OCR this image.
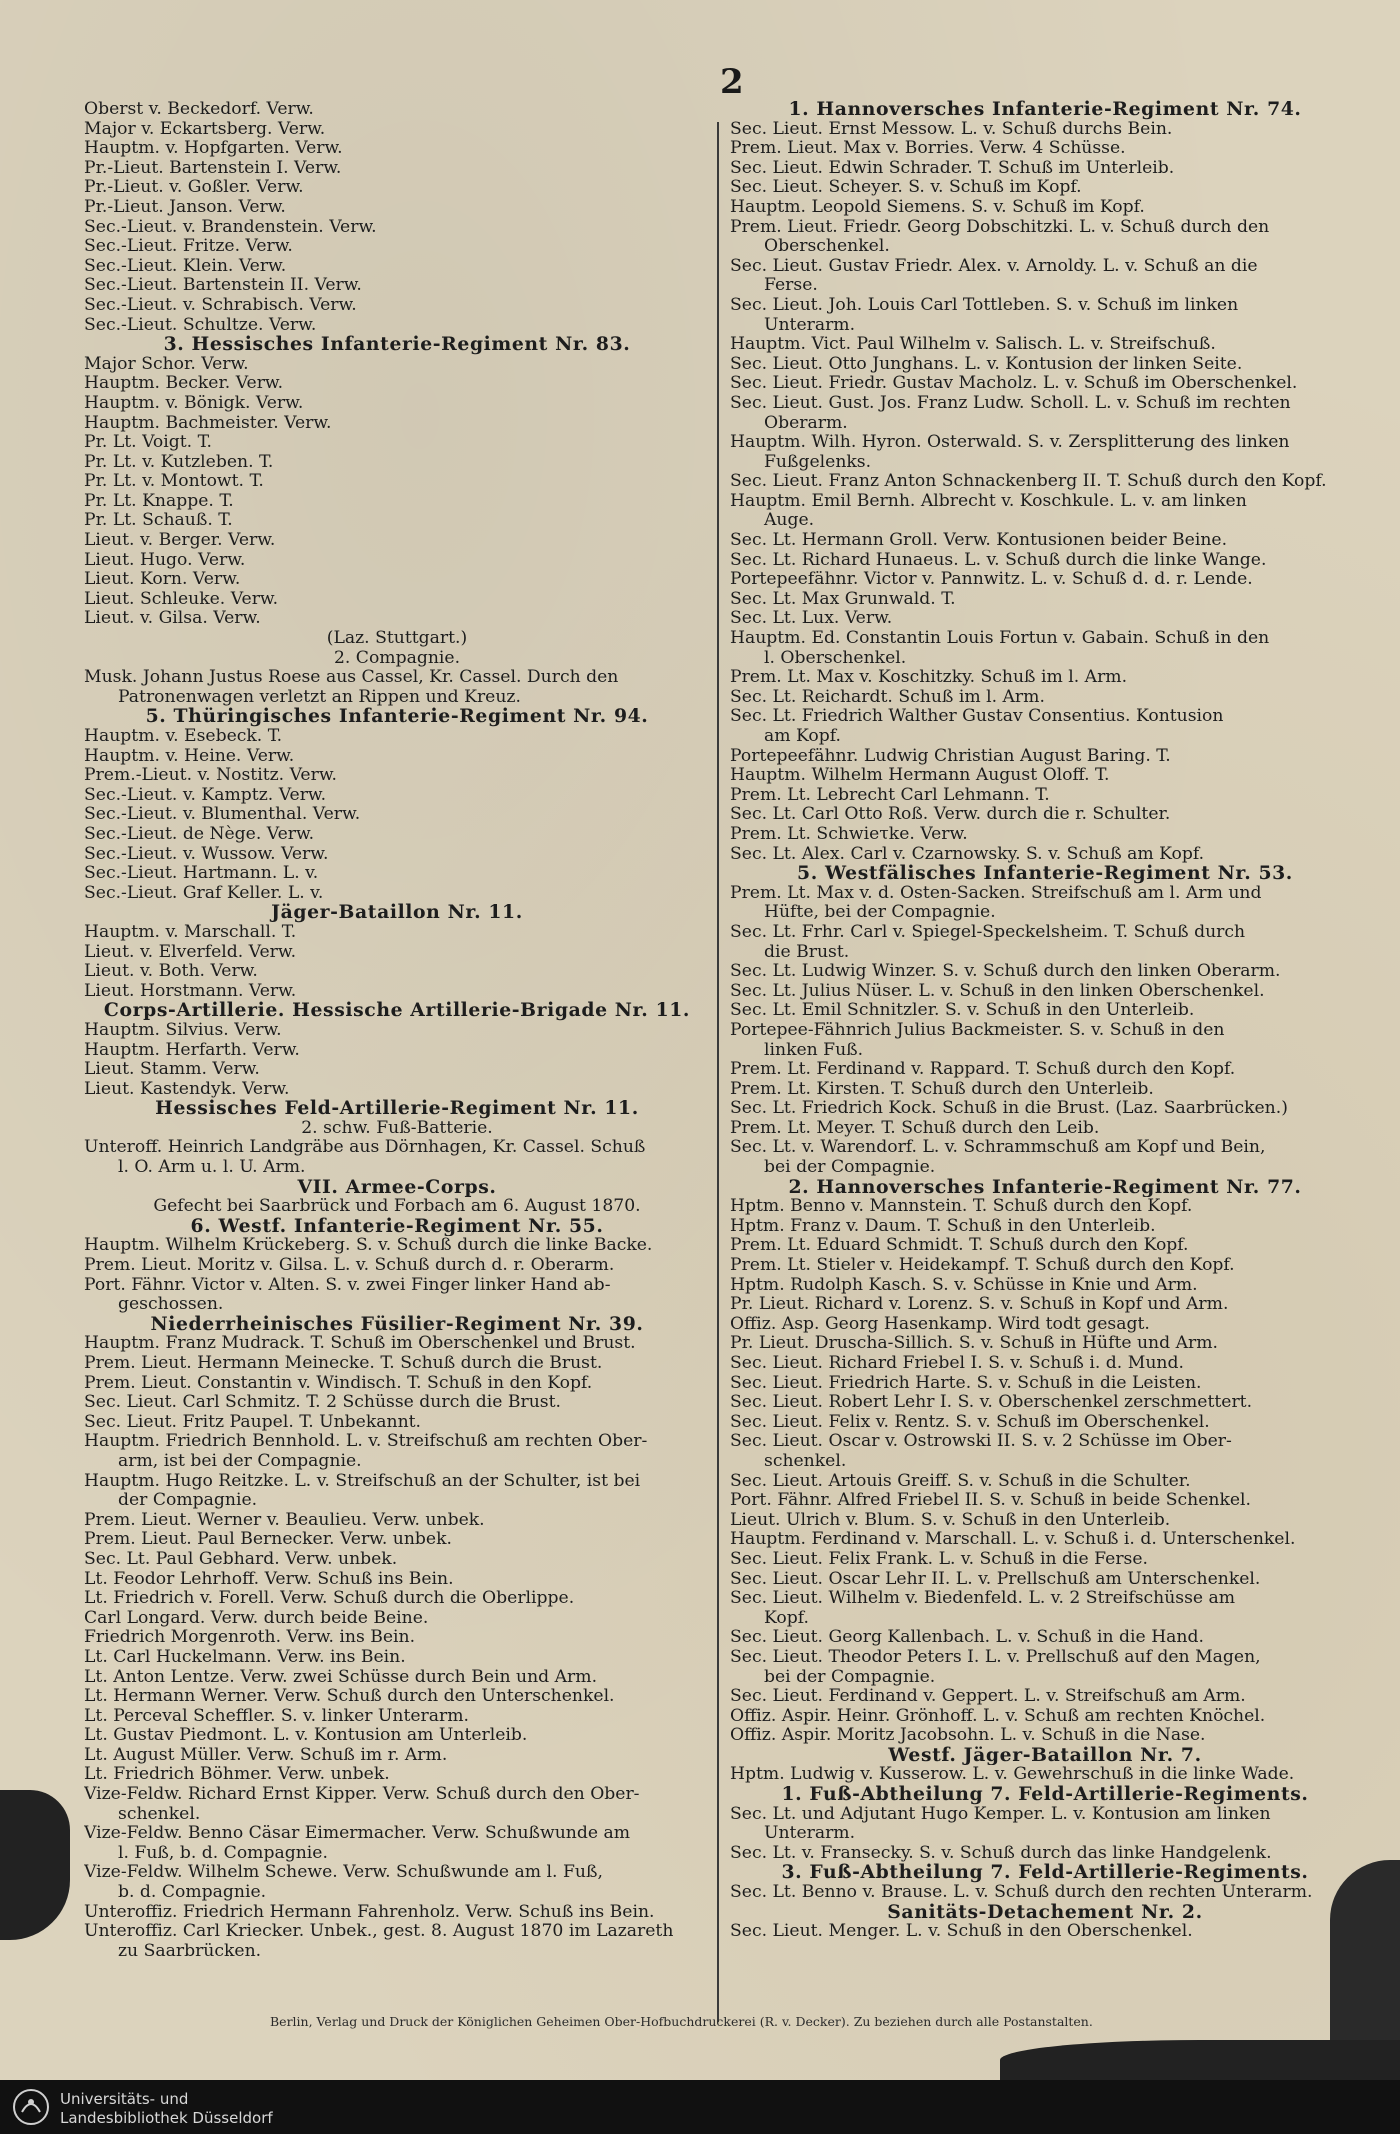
2
Oberst v. Beckedorf. Verw.
Major v. Eckartsberg. Verw.
Hauptm. v. Hopfgarten. Verw.
Pr.-Lieut. Bartenstein I. Verw.
Pr.-Lieut. v. Goßler. Verw.
Pr.-Lieut. Janson. Verw.
Sec.-Lieut. v. Brandenstein. Verw.
Sec.-Lieut. Fritze. Verw.
Sec.-Lieut. Klein. Verw.
Sec.-Lieut. Bartenstein II. Verw.
Sec.-Lieut. v. Schrabisch. Verw.
Sec.-Lieut. Schultze. Verw.
3. Hessisches Infanterie-Regiment Nr. 83.
Major Schor. Verw.
Hauptm. Becker. Verw.
Hauptm. v. Bönigk. Verw.
Hauptm. Bachmeister. Verw.
Pr. Lt. Voigt. T.
Pr. Lt. v. Kutzleben. T.
Pr. Lt. v. Montowt. T.
Pr. Lt. Knappe. T.
Pr. Lt. Schauß. T.
Lieut. v. Berger. Verw.
Lieut. Hugo. Verw.
Lieut. Korn. Verw.
Lieut. Schleuke. Verw.
Lieut. v. Gilsa. Verw.
(Laz. Stuttgart.)
2. Compagnie.
Musk. Johann Justus Roese aus Cassel, Kr. Cassel. Durch den
Patronenwagen verletzt an Rippen und Kreuz.
5. Thüringisches Infanterie-Regiment Nr. 94.
Hauptm. v. Esebeck. T.
Hauptm. v. Heine. Verw.
Prem.-Lieut. v. Nostitz. Verw.
Sec.-Lieut. v. Kamptz. Verw.
Sec.-Lieut. v. Blumenthal. Verw.
Sec.-Lieut. de Nège. Verw.
Sec.-Lieut. v. Wussow. Verw.
Sec.-Lieut. Hartmann. L. v.
Sec.-Lieut. Graf Keller. L. v.
Jäger-Bataillon Nr. 11.
Hauptm. v. Marschall. T.
Lieut. v. Elverfeld. Verw.
Lieut. v. Both. Verw.
Lieut. Horstmann. Verw.
Corps-Artillerie. Hessische Artillerie-Brigade Nr. 11.
Hauptm. Silvius. Verw.
Hauptm. Herfarth. Verw.
Lieut. Stamm. Verw.
Lieut. Kastendyk. Verw.
Hessisches Feld-Artillerie-Regiment Nr. 11.
2. schw. Fuß-Batterie.
Unteroff. Heinrich Landgräbe aus Dörnhagen, Kr. Cassel. Schuß
l. O. Arm u. l. U. Arm.
VII. Armee-Corps.
Gefecht bei Saarbrück und Forbach am 6. August 1870.
6. Westf. Infanterie-Regiment Nr. 55.
Hauptm. Wilhelm Krückeberg. S. v. Schuß durch die linke Backe.
Prem. Lieut. Moritz v. Gilsa. L. v. Schuß durch d. r. Oberarm.
Port. Fähnr. Victor v. Alten. S. v. zwei Finger linker Hand ab-
geschossen.
Niederrheinisches Füsilier-Regiment Nr. 39.
Hauptm. Franz Mudrack. T. Schuß im Oberschenkel und Brust.
Prem. Lieut. Hermann Meinecke. T. Schuß durch die Brust.
Prem. Lieut. Constantin v. Windisch. T. Schuß in den Kopf.
Sec. Lieut. Carl Schmitz. T. 2 Schüsse durch die Brust.
Sec. Lieut. Fritz Paupel. T. Unbekannt.
Hauptm. Friedrich Bennhold. L. v. Streifschuß am rechten Ober-
arm, ist bei der Compagnie.
Hauptm. Hugo Reitzke. L. v. Streifschuß an der Schulter, ist bei
der Compagnie.
Prem. Lieut. Werner v. Beaulieu. Verw. unbek.
Prem. Lieut. Paul Bernecker. Verw. unbek.
Sec. Lt. Paul Gebhard. Verw. unbek.
Lt. Feodor Lehrhoff. Verw. Schuß ins Bein.
Lt. Friedrich v. Forell. Verw. Schuß durch die Oberlippe.
Carl Longard. Verw. durch beide Beine.
Friedrich Morgenroth. Verw. ins Bein.
Lt. Carl Huckelmann. Verw. ins Bein.
Lt. Anton Lentze. Verw. zwei Schüsse durch Bein und Arm.
Lt. Hermann Werner. Verw. Schuß durch den Unterschenkel.
Lt. Perceval Scheffler. S. v. linker Unterarm.
Lt. Gustav Piedmont. L. v. Kontusion am Unterleib.
Lt. August Müller. Verw. Schuß im r. Arm.
Lt. Friedrich Böhmer. Verw. unbek.
Vize-Feldw. Richard Ernst Kipper. Verw. Schuß durch den Ober-
schenkel.
Vize-Feldw. Benno Cäsar Eimermacher. Verw. Schußwunde am
l. Fuß, b. d. Compagnie.
Vize-Feldw. Wilhelm Schewe. Verw. Schußwunde am l. Fuß,
b. d. Compagnie.
Unteroffiz. Friedrich Hermann Fahrenholz. Verw. Schuß ins Bein.
Unteroffiz. Carl Kriecker. Unbek., gest. 8. August 1870 im Lazareth
zu Saarbrücken.
1. Hannoversches Infanterie-Regiment Nr. 74.
Sec. Lieut. Ernst Messow. L. v. Schuß durchs Bein.
Prem. Lieut. Max v. Borries. Verw. 4 Schüsse.
Sec. Lieut. Edwin Schrader. T. Schuß im Unterleib.
Sec. Lieut. Scheyer. S. v. Schuß im Kopf.
Hauptm. Leopold Siemens. S. v. Schuß im Kopf.
Prem. Lieut. Friedr. Georg Dobschitzki. L. v. Schuß durch den
Oberschenkel.
Sec. Lieut. Gustav Friedr. Alex. v. Arnoldy. L. v. Schuß an die
Ferse.
Sec. Lieut. Joh. Louis Carl Tottleben. S. v. Schuß im linken
Unterarm.
Hauptm. Vict. Paul Wilhelm v. Salisch. L. v. Streifschuß.
Sec. Lieut. Otto Junghans. L. v. Kontusion der linken Seite.
Sec. Lieut. Friedr. Gustav Macholz. L. v. Schuß im Oberschenkel.
Sec. Lieut. Gust. Jos. Franz Ludw. Scholl. L. v. Schuß im rechten
Oberarm.
Hauptm. Wilh. Hyron. Osterwald. S. v. Zersplitterung des linken
Fußgelenks.
Sec. Lieut. Franz Anton Schnackenberg II. T. Schuß durch den Kopf.
Hauptm. Emil Bernh. Albrecht v. Koschkule. L. v. am linken
Auge.
Sec. Lt. Hermann Groll. Verw. Kontusionen beider Beine.
Sec. Lt. Richard Hunaeus. L. v. Schuß durch die linke Wange.
Portepeefähnr. Victor v. Pannwitz. L. v. Schuß d. d. r. Lende.
Sec. Lt. Max Grunwald. T.
Sec. Lt. Lux. Verw.
Hauptm. Ed. Constantin Louis Fortun v. Gabain. Schuß in den
l. Oberschenkel.
Prem. Lt. Max v. Koschitzky. Schuß im l. Arm.
Sec. Lt. Reichardt. Schuß im l. Arm.
Sec. Lt. Friedrich Walther Gustav Consentius. Kontusion
am Kopf.
Portepeefähnr. Ludwig Christian August Baring. T.
Hauptm. Wilhelm Hermann August Oloff. T.
Prem. Lt. Lebrecht Carl Lehmann. T.
Sec. Lt. Carl Otto Roß. Verw. durch die r. Schulter.
Prem. Lt. Schwieτke. Verw.
Sec. Lt. Alex. Carl v. Czarnowsky. S. v. Schuß am Kopf.
5. Westfälisches Infanterie-Regiment Nr. 53.
Prem. Lt. Max v. d. Osten-Sacken. Streifschuß am l. Arm und
Hüfte, bei der Compagnie.
Sec. Lt. Frhr. Carl v. Spiegel-Speckelsheim. T. Schuß durch
die Brust.
Sec. Lt. Ludwig Winzer. S. v. Schuß durch den linken Oberarm.
Sec. Lt. Julius Nüser. L. v. Schuß in den linken Oberschenkel.
Sec. Lt. Emil Schnitzler. S. v. Schuß in den Unterleib.
Portepee-Fähnrich Julius Backmeister. S. v. Schuß in den
linken Fuß.
Prem. Lt. Ferdinand v. Rappard. T. Schuß durch den Kopf.
Prem. Lt. Kirsten. T. Schuß durch den Unterleib.
Sec. Lt. Friedrich Kock. Schuß in die Brust. (Laz. Saarbrücken.)
Prem. Lt. Meyer. T. Schuß durch den Leib.
Sec. Lt. v. Warendorf. L. v. Schrammschuß am Kopf und Bein,
bei der Compagnie.
2. Hannoversches Infanterie-Regiment Nr. 77.
Hptm. Benno v. Mannstein. T. Schuß durch den Kopf.
Hptm. Franz v. Daum. T. Schuß in den Unterleib.
Prem. Lt. Eduard Schmidt. T. Schuß durch den Kopf.
Prem. Lt. Stieler v. Heidekampf. T. Schuß durch den Kopf.
Hptm. Rudolph Kasch. S. v. Schüsse in Knie und Arm.
Pr. Lieut. Richard v. Lorenz. S. v. Schuß in Kopf und Arm.
Offiz. Asp. Georg Hasenkamp. Wird todt gesagt.
Pr. Lieut. Druscha-Sillich. S. v. Schuß in Hüfte und Arm.
Sec. Lieut. Richard Friebel I. S. v. Schuß i. d. Mund.
Sec. Lieut. Friedrich Harte. S. v. Schuß in die Leisten.
Sec. Lieut. Robert Lehr I. S. v. Oberschenkel zerschmettert.
Sec. Lieut. Felix v. Rentz. S. v. Schuß im Oberschenkel.
Sec. Lieut. Oscar v. Ostrowski II. S. v. 2 Schüsse im Ober-
schenkel.
Sec. Lieut. Artouis Greiff. S. v. Schuß in die Schulter.
Port. Fähnr. Alfred Friebel II. S. v. Schuß in beide Schenkel.
Lieut. Ulrich v. Blum. S. v. Schuß in den Unterleib.
Hauptm. Ferdinand v. Marschall. L. v. Schuß i. d. Unterschenkel.
Sec. Lieut. Felix Frank. L. v. Schuß in die Ferse.
Sec. Lieut. Oscar Lehr II. L. v. Prellschuß am Unterschenkel.
Sec. Lieut. Wilhelm v. Biedenfeld. L. v. 2 Streifschüsse am
Kopf.
Sec. Lieut. Georg Kallenbach. L. v. Schuß in die Hand.
Sec. Lieut. Theodor Peters I. L. v. Prellschuß auf den Magen,
bei der Compagnie.
Sec. Lieut. Ferdinand v. Geppert. L. v. Streifschuß am Arm.
Offiz. Aspir. Heinr. Grönhoff. L. v. Schuß am rechten Knöchel.
Offiz. Aspir. Moritz Jacobsohn. L. v. Schuß in die Nase.
Westf. Jäger-Bataillon Nr. 7.
Hptm. Ludwig v. Kusserow. L. v. Gewehrschuß in die linke Wade.
1. Fuß-Abtheilung 7. Feld-Artillerie-Regiments.
Sec. Lt. und Adjutant Hugo Kemper. L. v. Kontusion am linken
Unterarm.
Sec. Lt. v. Fransecky. S. v. Schuß durch das linke Handgelenk.
3. Fuß-Abtheilung 7. Feld-Artillerie-Regiments.
Sec. Lt. Benno v. Brause. L. v. Schuß durch den rechten Unterarm.
Sanitäts-Detachement Nr. 2.
Sec. Lieut. Menger. L. v. Schuß in den Oberschenkel.
Berlin, Verlag und Druck der Königlichen Geheimen Ober-Hofbuchdruckerei (R. v. Decker). Zu beziehen durch alle Postanstalten.
Universitäts- und
Landesbibliothek Düsseldorf
